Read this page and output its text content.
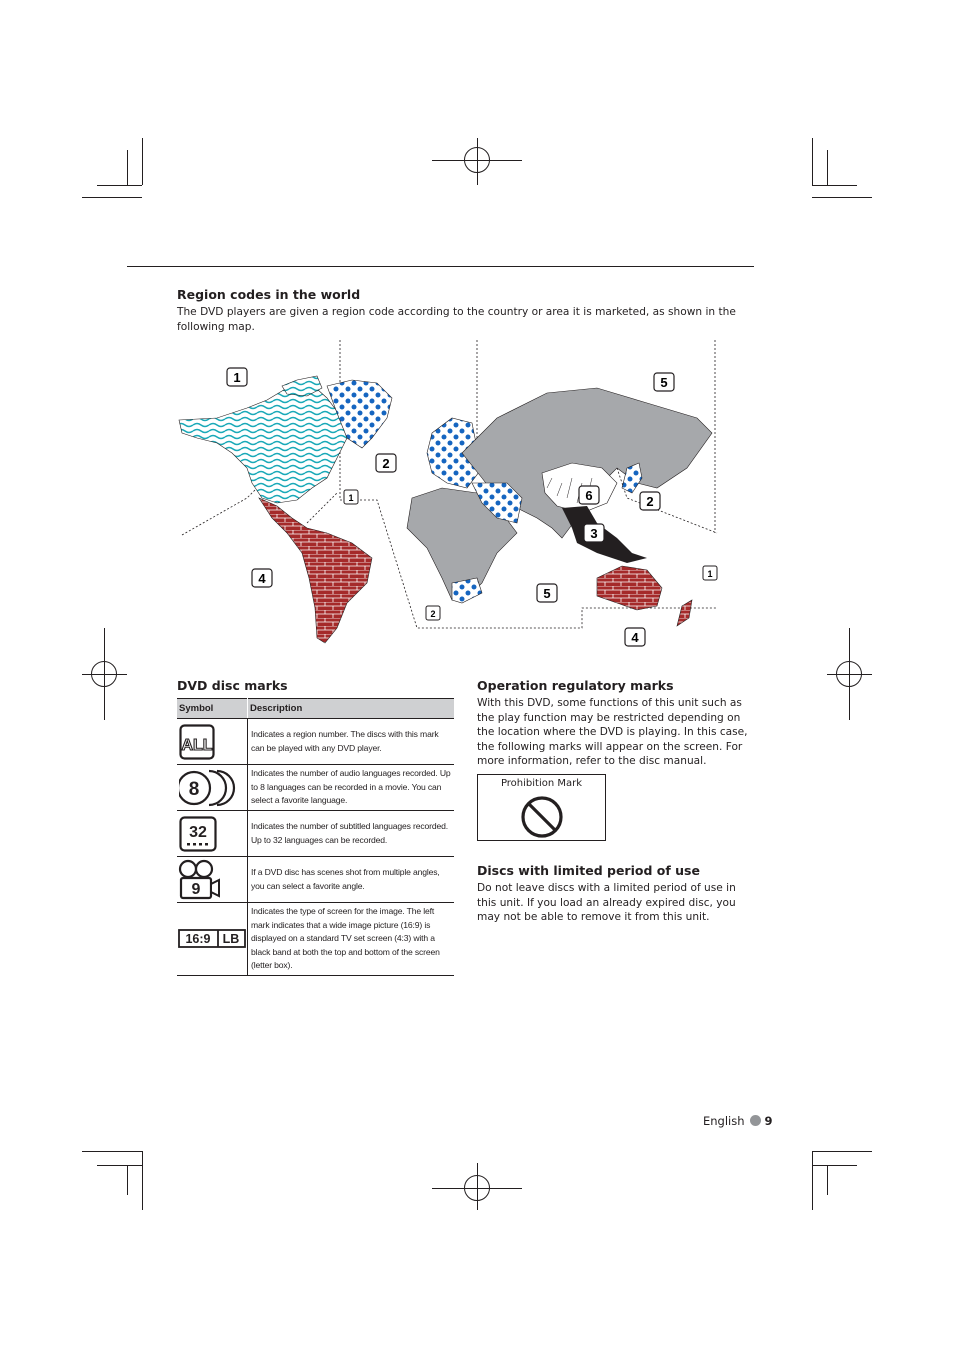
Region codes in the world
The DVD players are given a region code according to the country or area it is marketed, as shown in the
following map.
1	5
2
1	6	2
3
4
5
2
1
4
DVD disc marks
Symbol	Description

ALL	Indicates a region number. The discs with this mark can be played with any DVD player.

8	Indicates the number of audio languages recorded. Up to 8 languages can be recorded in a movie. You can select a favorite language.

32	Indicates the number of subtitled languages recorded. Up to 32 languages can be recorded.

9	If a DVD disc has scenes shot from multiple angles, you can select a favorite angle.

16:9 LB	Indicates the type of screen for the image. The left mark indicates that a wide image picture (16:9) is displayed on a standard TV set screen (4:3) with a black band at both the top and bottom of the screen (letter box).
Operation regulatory marks
With this DVD, some functions of this unit such as the play function may be restricted depending on the location where the DVD is playing. In this case, the following marks will appear on the screen. For more information, refer to the disc manual.
Prohibition Mark
Discs with limited period of use
Do not leave discs with a limited period of use in this unit. If you load an already expired disc, you may not be able to remove it from this unit.
English 9
